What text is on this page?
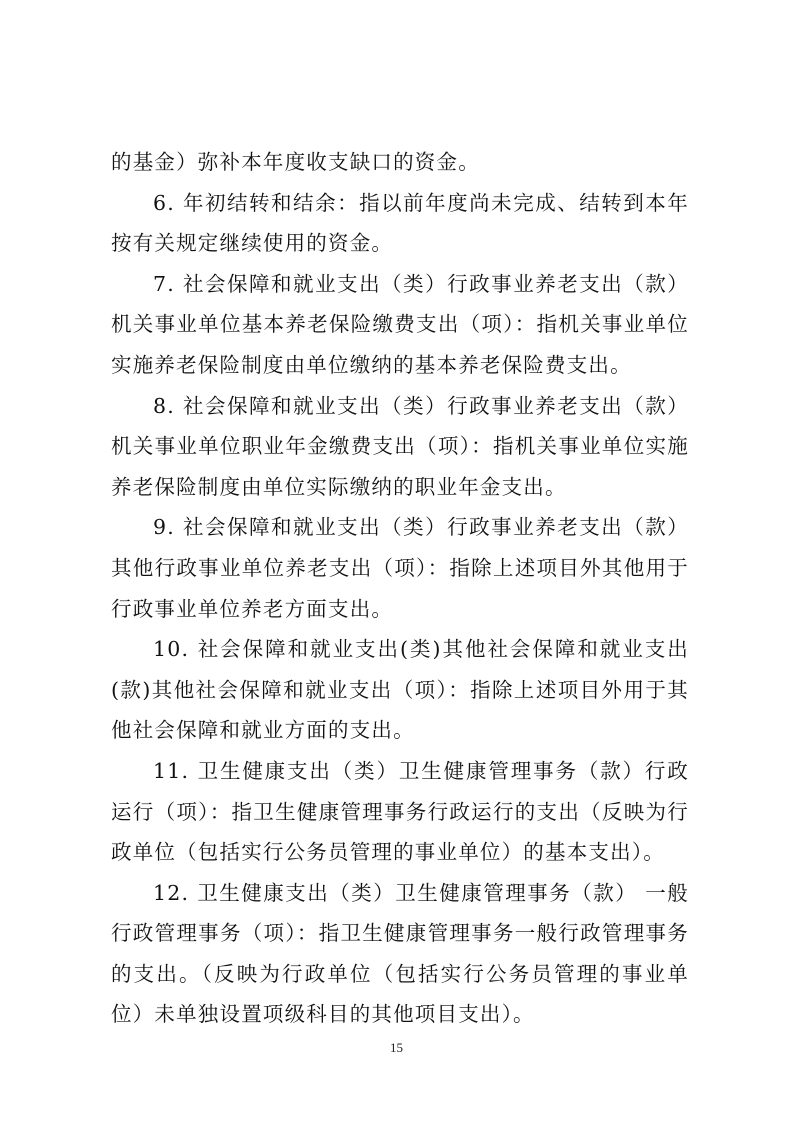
的基金）弥补本年度收支缺口的资金。

6. 年初结转和结余：指以前年度尚未完成、结转到本年按有关规定继续使用的资金。

7. 社会保障和就业支出（类）行政事业养老支出（款）机关事业单位基本养老保险缴费支出（项）：指机关事业单位实施养老保险制度由单位缴纳的基本养老保险费支出。

8. 社会保障和就业支出（类）行政事业养老支出（款）机关事业单位职业年金缴费支出（项）：指机关事业单位实施养老保险制度由单位实际缴纳的职业年金支出。

9. 社会保障和就业支出（类）行政事业养老支出（款）其他行政事业单位养老支出（项）：指除上述项目外其他用于行政事业单位养老方面支出。

10. 社会保障和就业支出(类)其他社会保障和就业支出(款)其他社会保障和就业支出（项）：指除上述项目外用于其他社会保障和就业方面的支出。

11. 卫生健康支出（类）卫生健康管理事务（款）行政运行（项）：指卫生健康管理事务行政运行的支出（反映为行政单位（包括实行公务员管理的事业单位）的基本支出）。

12. 卫生健康支出（类）卫生健康管理事务（款） 一般行政管理事务（项）：指卫生健康管理事务一般行政管理事务的支出。（反映为行政单位（包括实行公务员管理的事业单位）未单独设置项级科目的其他项目支出）。

15
